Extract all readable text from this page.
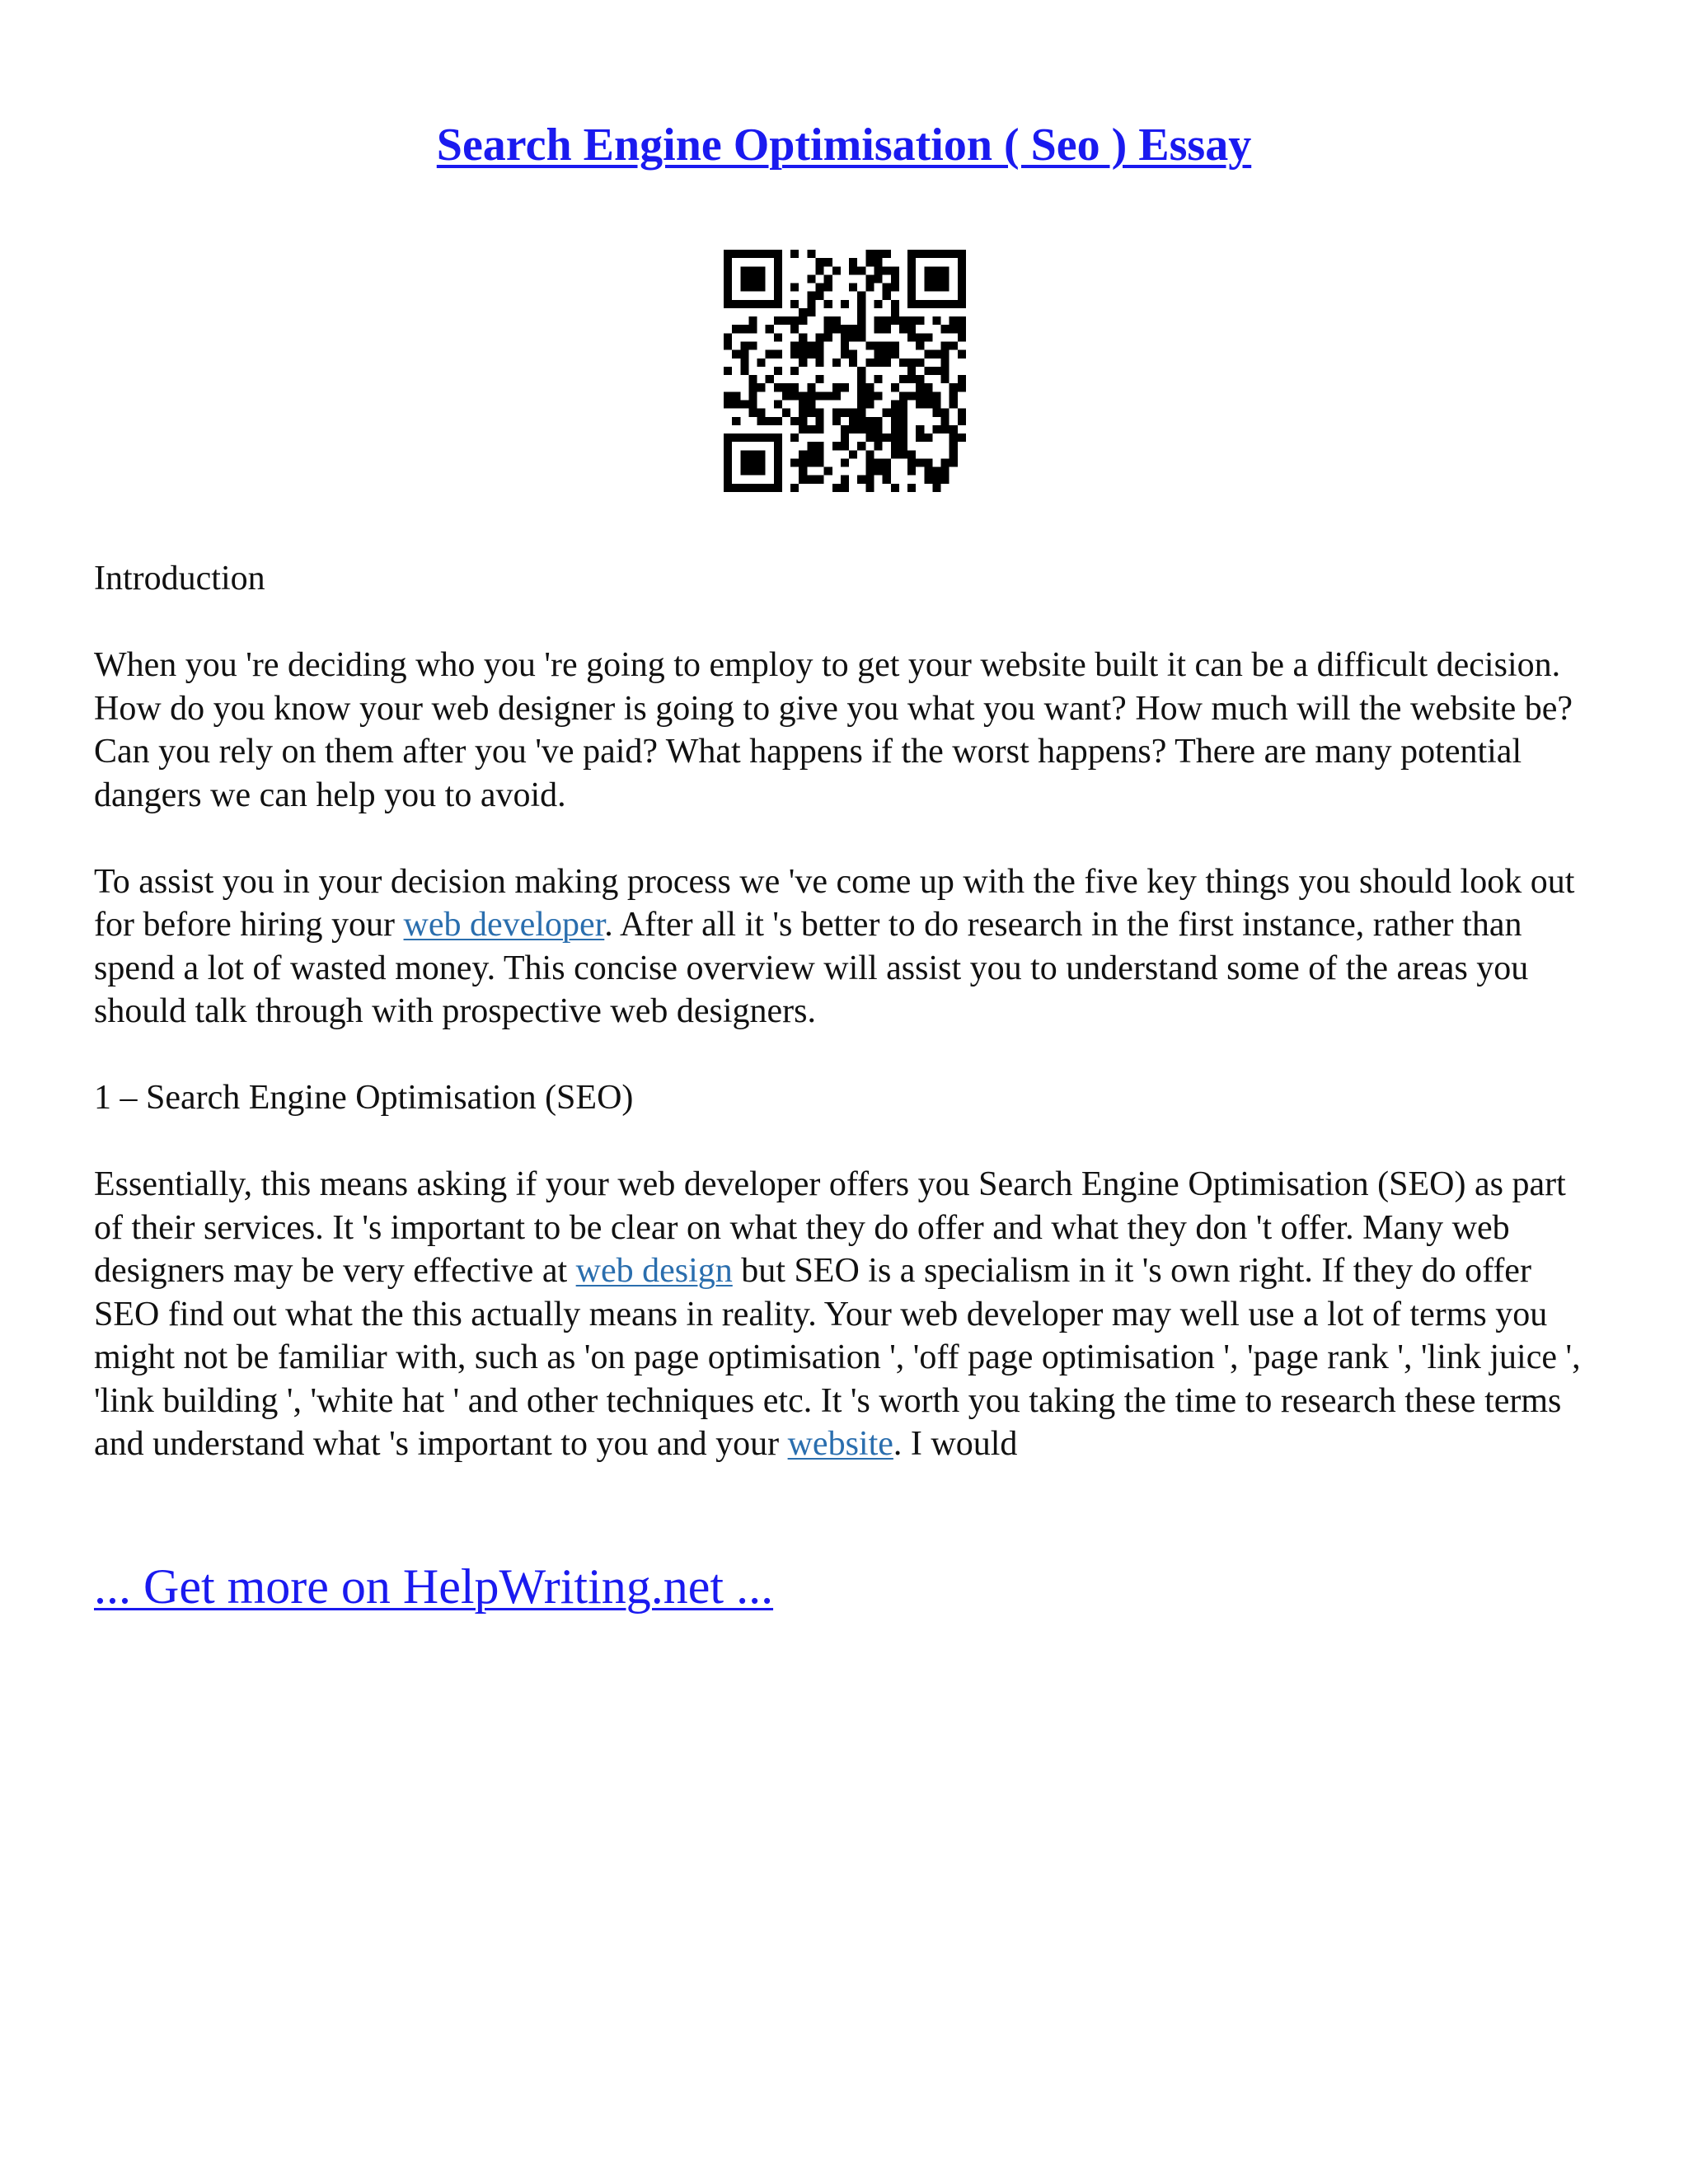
Search Engine Optimisation ( Seo ) Essay

Introduction

When you 're deciding who you 're going to employ to get your website built it can be a difficult decision. How do you know your web designer is going to give you what you want? How much will the website be? Can you rely on them after you 've paid? What happens if the worst happens? There are many potential dangers we can help you to avoid.

To assist you in your decision making process we 've come up with the five key things you should look out for before hiring your web developer. After all it 's better to do research in the first instance, rather than spend a lot of wasted money. This concise overview will assist you to understand some of the areas you should talk through with prospective web designers.

1 – Search Engine Optimisation (SEO)

Essentially, this means asking if your web developer offers you Search Engine Optimisation (SEO) as part of their services. It 's important to be clear on what they do offer and what they don 't offer. Many web designers may be very effective at web design but SEO is a specialism in it 's own right. If they do offer SEO find out what the this actually means in reality. Your web developer may well use a lot of terms you might not be familiar with, such as 'on page optimisation ', 'off page optimisation ', 'page rank ', 'link juice ', 'link building ', 'white hat ' and other techniques etc. It 's worth you taking the time to research these terms and understand what 's important to you and your website. I would

... Get more on HelpWriting.net ...
